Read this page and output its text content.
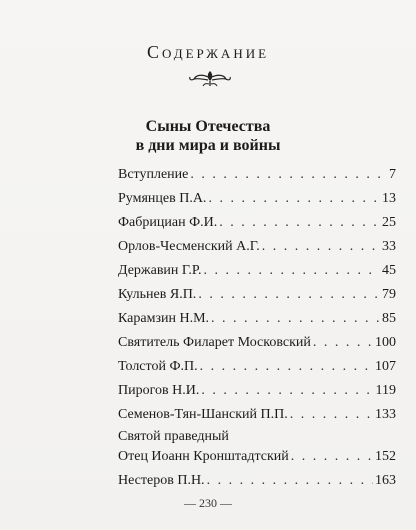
Содержание
Сыны Отечества
в дни мира и войны
Вступление . . .	7
Румянцев П.А. . . .	13
Фабрициан Ф.И. . . .	25
Орлов-Чесменский А.Г. . . .	33
Державин Г.Р. . . .	45
Кульнев Я.П. . . .	79
Карамзин Н.М. . . .	85
Святитель Филарет Московский . . .	100
Толстой Ф.П. . . .	107
Пирогов Н.И. . . .	119
Семенов-Тян-Шанский П.П. . . .	133
Святой праведный
Отец Иоанн Кронштадтский . . .	152
Нестеров П.Н. . . .	163
— 230 —
